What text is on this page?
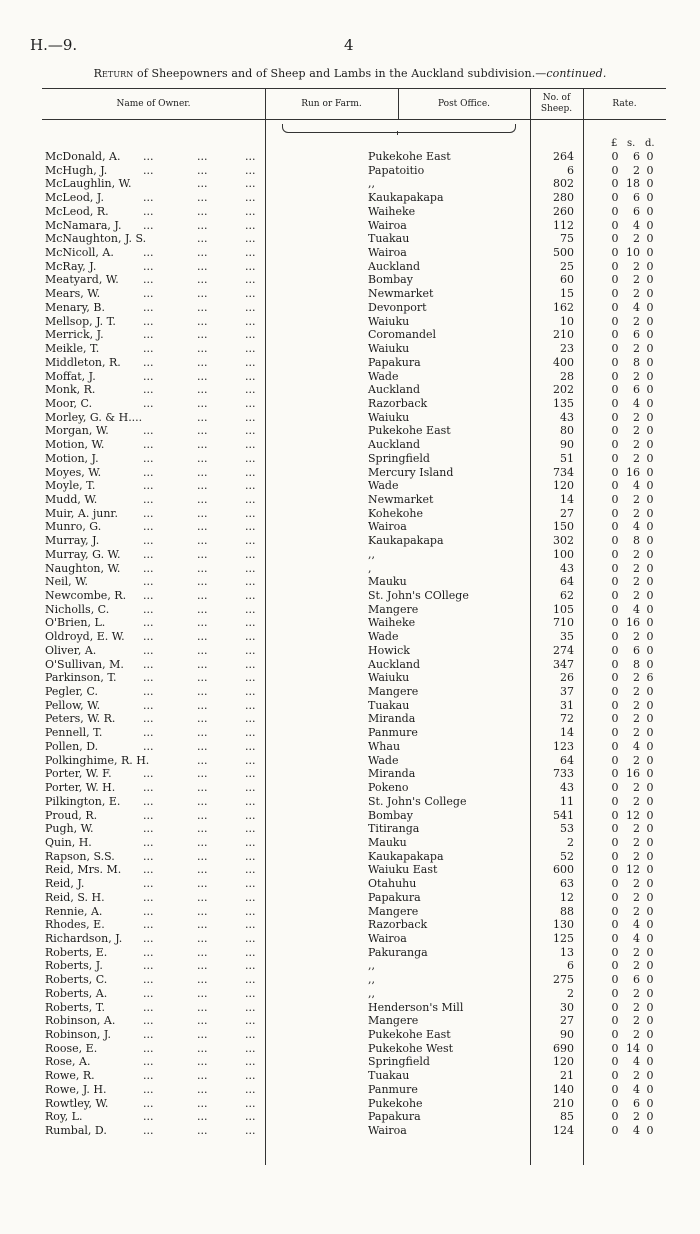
H.—9.	4
Return of Sheepowners and of Sheep and Lambs in the Auckland subdivision.—continued.
Name of Owner.	Run or Farm.	Post Office.
No. of
Sheep.	Rate.
£ s. d.
McDonald, A. ...	...	...	Pukekohe East	264	0	6 0
McHugh, J.	...	...	...	Papatoitio	6	0	2 0
McLaughlin, W.	...	...	,,	802	0 18 0
McLeod, J.	...	...	...	Kaukapakapa	280	0	6 0
McLeod, R.	...	...	...	Waiheke	260	0	6 0
McNamara, J. ...	...	...	Wairoa	112	0	4 0
McNaughton, J. S.	...	...	Tuakau	75	0	2 0
McNicoll, A.	...	...	...	Wairoa	500	0 10 0
McRay, J.	...	...	...	Auckland	25	0	2 0
Meatyard, W. ...	...	...	Bombay	60	0	2 0
Mears, W.	...	...	...	Newmarket	15	0	2 0
Menary, B.	...	...	...	Devonport	162	0	4 0
Mellsop, J. T. ...	...	...	Waiuku	10	0	2 0
Merrick, J.	...	...	...	Coromandel	210	0	6 0
Meikle, T.	...	...	...	Waiuku	23	0	2 0
Middleton, R. ...	...	...	Papakura	400	0	8 0
Moffat, J.	...	...	...	Wade	28	0	2 0
Monk, R.	...	...	...	Auckland	202	0	6 0
Moor, C.	...	...	...	Razorback	135	0	4 0
Morley, G. & H....	...	...	Waiuku	43	0	2 0
Morgan, W.	...	...	...	Pukekohe East	80	0	2 0
Motion, W.	...	...	...	Auckland	90	0	2 0
Motion, J.	...	...	...	Springfield	51	0	2 0
Moyes, W.	...	...	...	Mercury Island	734	0 16 0
Moyle, T.	...	...	...	Wade	120	0	4 0
Mudd, W.	...	...	...	Newmarket	14	0	2 0
Muir, A. junr. ...	...	...	Kohekohe	27	0	2 0
Munro, G.	...	...	...	Wairoa	150	0	4 0
Murray, J.	...	...	...	Kaukapakapa	302	0	8 0
Murray, G. W. ...	...	...	,,	100	0	2 0
Naughton, W. ...	...	...	,	43	0	2 0
Neil, W.	...	...	...	Mauku	64	0	2 0
Newcombe, R. ...	...	...	St. John's COllege	62	0	2 0
Nicholls, C.	...	...	...	Mangere	105	0	4 0
O'Brien, L.	...	...	...	Waiheke	710	0 16 0
Oldroyd, E. W. ...	...	...	Wade	35	0	2 0
Oliver, A.	...	...	...	Howick	274	0	6 0
O'Sullivan, M. ...	...	...	Auckland	347	0	8 0
Parkinson, T. ...	...	...	Waiuku	26	0	2 6
Pegler, C.	...	...	...	Mangere	37	0	2 0
Pellow, W.	...	...	...	Tuakau	31	0	2 0
Peters, W. R.	...	...	...	Miranda	72	0	2 0
Pennell, T.	...	...	...	Panmure	14	0	2 0
Pollen, D.	...	...	...	Whau	123	0	4 0
Polkinghime, R. H.	...	...	Wade	64	0	2 0
Porter, W. F.	...	...	...	Miranda	733	0 16 0
Porter, W. H.	...	...	...	Pokeno	43	0	2 0
Pilkington, E. ...	...	...	St. John's College	11	0	2 0
Proud, R.	...	...	...	Bombay	541	0 12 0
Pugh, W.	...	...	...	Titiranga	53	0	2 0
Quin, H.	...	...	...	Mauku	2	0	2 0
Rapson, S.S.	...	...	...	Kaukapakapa	52	0	2 0
Reid, Mrs. M. ...	...	...	Waiuku East	600	0 12 0
Reid, J.	...	...	...	Otahuhu	63	0	2 0
Reid, S. H.	...	...	...	Papakura	12	0	2 0
Rennie, A.	...	...	...	Mangere	88	0	2 0
Rhodes, E.	...	...	...	Razorback	130	0	4 0
Richardson, J. ...	...	...	Wairoa	125	0	4 0
Roberts, E.	...	...	...	Pakuranga	13	0	2 0
Roberts, J.	...	...	...	,,	6	0	2 0
Roberts, C.	...	...	...	,,	275	0	6 0
Roberts, A.	...	...	...	,,	2	0	2 0
Roberts, T.	...	...	...	Henderson's Mill	30	0	2 0
Robinson, A.	...	...	...	Mangere	27	0	2 0
Robinson, J.	...	...	...	Pukekohe East	90	0	2 0
Roose, E.	...	...	...	Pukekohe West	690	0 14 0
Rose, A.	...	...	...	Springfield	120	0	4 0
Rowe, R.	...	...	...	Tuakau	21	0	2 0
Rowe, J. H.	...	...	...	Panmure	140	0	4 0
Rowtley, W.	...	...	...	Pukekohe	210	0	6 0
Roy, L.	...	...	...	Papakura	85	0	2 0
Rumbal, D.	...	...	...	Wairoa	124	0	4 0
